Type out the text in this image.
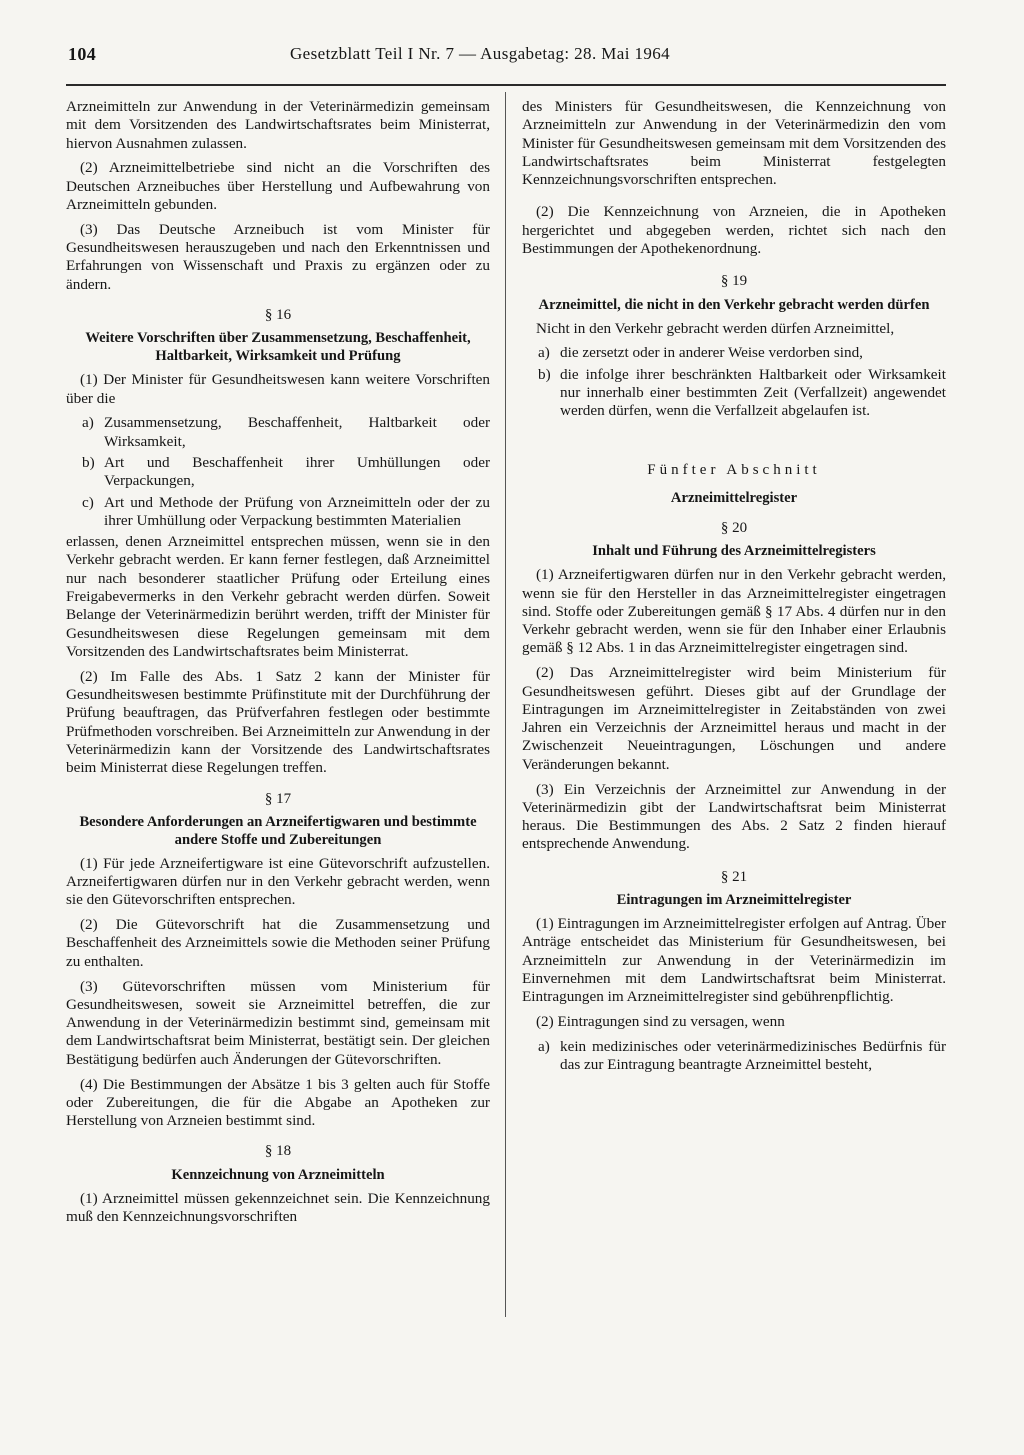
104	Gesetzblatt Teil I Nr. 7 — Ausgabetag: 28. Mai 1964

Arzneimitteln zur Anwendung in der Veterinärmedizin gemeinsam mit dem Vorsitzenden des Landwirtschaftsrates beim Ministerrat, hiervon Ausnahmen zulassen.

(2) Arzneimittelbetriebe sind nicht an die Vorschriften des Deutschen Arzneibuches über Herstellung und Aufbewahrung von Arzneimitteln gebunden.

(3) Das Deutsche Arzneibuch ist vom Minister für Gesundheitswesen herauszugeben und nach den Erkenntnissen und Erfahrungen von Wissenschaft und Praxis zu ergänzen oder zu ändern.

§ 16
Weitere Vorschriften über Zusammensetzung, Beschaffenheit, Haltbarkeit, Wirksamkeit und Prüfung

(1) Der Minister für Gesundheitswesen kann weitere Vorschriften über die

a) Zusammensetzung, Beschaffenheit, Haltbarkeit oder Wirksamkeit,
b) Art und Beschaffenheit ihrer Umhüllungen oder Verpackungen,
c) Art und Methode der Prüfung von Arzneimitteln oder der zu ihrer Umhüllung oder Verpackung bestimmten Materialien

erlassen, denen Arzneimittel entsprechen müssen, wenn sie in den Verkehr gebracht werden. Er kann ferner festlegen, daß Arzneimittel nur nach besonderer staatlicher Prüfung oder Erteilung eines Freigabevermerks in den Verkehr gebracht werden dürfen. Soweit Belange der Veterinärmedizin berührt werden, trifft der Minister für Gesundheitswesen diese Regelungen gemeinsam mit dem Vorsitzenden des Landwirtschaftsrates beim Ministerrat.

(2) Im Falle des Abs. 1 Satz 2 kann der Minister für Gesundheitswesen bestimmte Prüfinstitute mit der Durchführung der Prüfung beauftragen, das Prüfverfahren festlegen oder bestimmte Prüfmethoden vorschreiben. Bei Arzneimitteln zur Anwendung in der Veterinärmedizin kann der Vorsitzende des Landwirtschaftsrates beim Ministerrat diese Regelungen treffen.

§ 17
Besondere Anforderungen an Arzneifertigwaren und bestimmte andere Stoffe und Zubereitungen

(1) Für jede Arzneifertigware ist eine Gütevorschrift aufzustellen. Arzneifertigwaren dürfen nur in den Verkehr gebracht werden, wenn sie den Gütevorschriften entsprechen.

(2) Die Gütevorschrift hat die Zusammensetzung und Beschaffenheit des Arzneimittels sowie die Methoden seiner Prüfung zu enthalten.

(3) Gütevorschriften müssen vom Ministerium für Gesundheitswesen, soweit sie Arzneimittel betreffen, die zur Anwendung in der Veterinärmedizin bestimmt sind, gemeinsam mit dem Landwirtschaftsrat beim Ministerrat, bestätigt sein. Der gleichen Bestätigung bedürfen auch Änderungen der Gütevorschriften.

(4) Die Bestimmungen der Absätze 1 bis 3 gelten auch für Stoffe oder Zubereitungen, die für die Abgabe an Apotheken zur Herstellung von Arzneien bestimmt sind.

§ 18
Kennzeichnung von Arzneimitteln

(1) Arzneimittel müssen gekennzeichnet sein. Die Kennzeichnung muß den Kennzeichnungsvorschriften

des Ministers für Gesundheitswesen, die Kennzeichnung von Arzneimitteln zur Anwendung in der Veterinärmedizin den vom Minister für Gesundheitswesen gemeinsam mit dem Vorsitzenden des Landwirtschaftsrates beim Ministerrat festgelegten Kennzeichnungsvorschriften entsprechen.

(2) Die Kennzeichnung von Arzneien, die in Apotheken hergerichtet und abgegeben werden, richtet sich nach den Bestimmungen der Apothekenordnung.

§ 19
Arzneimittel, die nicht in den Verkehr gebracht werden dürfen

Nicht in den Verkehr gebracht werden dürfen Arzneimittel,

a) die zersetzt oder in anderer Weise verdorben sind,
b) die infolge ihrer beschränkten Haltbarkeit oder Wirksamkeit nur innerhalb einer bestimmten Zeit (Verfallzeit) angewendet werden dürfen, wenn die Verfallzeit abgelaufen ist.
Fünfter Abschnitt
Arzneimittelregister
§ 20
Inhalt und Führung des Arzneimittelregisters

(1) Arzneifertigwaren dürfen nur in den Verkehr gebracht werden, wenn sie für den Hersteller in das Arzneimittelregister eingetragen sind. Stoffe oder Zubereitungen gemäß § 17 Abs. 4 dürfen nur in den Verkehr gebracht werden, wenn sie für den Inhaber einer Erlaubnis gemäß § 12 Abs. 1 in das Arzneimittelregister eingetragen sind.

(2) Das Arzneimittelregister wird beim Ministerium für Gesundheitswesen geführt. Dieses gibt auf der Grundlage der Eintragungen im Arzneimittelregister in Zeitabständen von zwei Jahren ein Verzeichnis der Arzneimittel heraus und macht in der Zwischenzeit Neueintragungen, Löschungen und andere Veränderungen bekannt.

(3) Ein Verzeichnis der Arzneimittel zur Anwendung in der Veterinärmedizin gibt der Landwirtschaftsrat beim Ministerrat heraus. Die Bestimmungen des Abs. 2 Satz 2 finden hierauf entsprechende Anwendung.

§ 21
Eintragungen im Arzneimittelregister

(1) Eintragungen im Arzneimittelregister erfolgen auf Antrag. Über Anträge entscheidet das Ministerium für Gesundheitswesen, bei Arzneimitteln zur Anwendung in der Veterinärmedizin im Einvernehmen mit dem Landwirtschaftsrat beim Ministerrat. Eintragungen im Arzneimittelregister sind gebührenpflichtig.

(2) Eintragungen sind zu versagen, wenn

a) kein medizinisches oder veterinärmedizinisches Bedürfnis für das zur Eintragung beantragte Arzneimittel besteht,
